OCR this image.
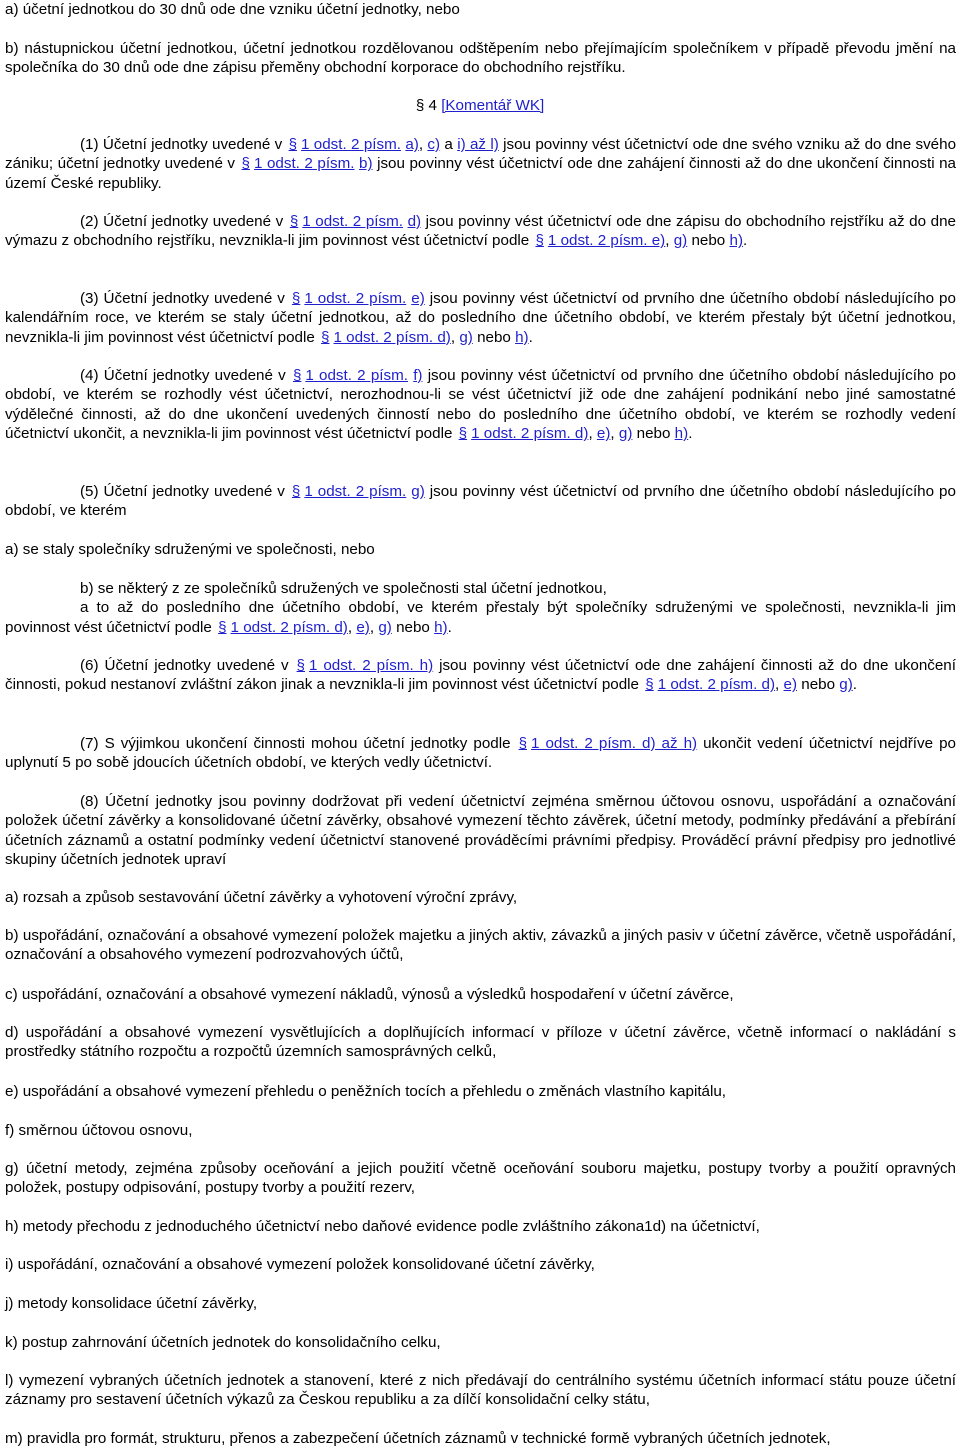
a) účetní jednotkou do 30 dnů ode dne vzniku účetní jednotky, nebo

b) nástupnickou účetní jednotkou, účetní jednotkou rozdělovanou odštěpením nebo přejímajícím společníkem v případě převodu jmění na společníka do 30 dnů ode dne zápisu přeměny obchodní korporace do obchodního rejstříku.

§ 4 [Komentář WK]

(1) Účetní jednotky uvedené v § 1 odst. 2 písm. a), c) a i) až l) jsou povinny vést účetnictví ode dne svého vzniku až do dne svého zániku; účetní jednotky uvedené v § 1 odst. 2 písm. b) jsou povinny vést účetnictví ode dne zahájení činnosti až do dne ukončení činnosti na území České republiky.

(2) Účetní jednotky uvedené v § 1 odst. 2 písm. d) jsou povinny vést účetnictví ode dne zápisu do obchodního rejstříku až do dne výmazu z obchodního rejstříku, nevznikla-li jim povinnost vést účetnictví podle § 1 odst. 2 písm. e), g) nebo h).

(3) Účetní jednotky uvedené v § 1 odst. 2 písm. e) jsou povinny vést účetnictví od prvního dne účetního období následujícího po kalendářním roce, ve kterém se staly účetní jednotkou, až do posledního dne účetního období, ve kterém přestaly být účetní jednotkou, nevznikla-li jim povinnost vést účetnictví podle § 1 odst. 2 písm. d), g) nebo h).

(4) Účetní jednotky uvedené v § 1 odst. 2 písm. f) jsou povinny vést účetnictví od prvního dne účetního období následujícího po období, ve kterém se rozhodly vést účetnictví, nerozhodnou-li se vést účetnictví již ode dne zahájení podnikání nebo jiné samostatné výdělečné činnosti, až do dne ukončení uvedených činností nebo do posledního dne účetního období, ve kterém se rozhodly vedení účetnictví ukončit, a nevznikla-li jim povinnost vést účetnictví podle § 1 odst. 2 písm. d), e), g) nebo h).

(5) Účetní jednotky uvedené v § 1 odst. 2 písm. g) jsou povinny vést účetnictví od prvního dne účetního období následujícího po období, ve kterém

a) se staly společníky sdruženými ve společnosti, nebo

b) se některý z ze společníků sdružených ve společnosti stal účetní jednotkou,
a to až do posledního dne účetního období, ve kterém přestaly být společníky sdruženými ve společnosti, nevznikla-li jim povinnost vést účetnictví podle § 1 odst. 2 písm. d), e), g) nebo h).

(6) Účetní jednotky uvedené v § 1 odst. 2 písm. h) jsou povinny vést účetnictví ode dne zahájení činnosti až do dne ukončení činnosti, pokud nestanoví zvláštní zákon jinak a nevznikla-li jim povinnost vést účetnictví podle § 1 odst. 2 písm. d), e) nebo g).

(7) S výjimkou ukončení činnosti mohou účetní jednotky podle § 1 odst. 2 písm. d) až h) ukončit vedení účetnictví nejdříve po uplynutí 5 po sobě jdoucích účetních období, ve kterých vedly účetnictví.

(8) Účetní jednotky jsou povinny dodržovat při vedení účetnictví zejména směrnou účtovou osnovu, uspořádání a označování položek účetní závěrky a konsolidované účetní závěrky, obsahové vymezení těchto závěrek, účetní metody, podmínky předávání a přebírání účetních záznamů a ostatní podmínky vedení účetnictví stanovené prováděcími právními předpisy. Prováděcí právní předpisy pro jednotlivé skupiny účetních jednotek upraví

a) rozsah a způsob sestavování účetní závěrky a vyhotovení výroční zprávy,

b) uspořádání, označování a obsahové vymezení položek majetku a jiných aktiv, závazků a jiných pasiv v účetní závěrce, včetně uspořádání, označování a obsahového vymezení podrozvahových účtů,

c) uspořádání, označování a obsahové vymezení nákladů, výnosů a výsledků hospodaření v účetní závěrce,

d) uspořádání a obsahové vymezení vysvětlujících a doplňujících informací v příloze v účetní závěrce, včetně informací o nakládání s prostředky státního rozpočtu a rozpočtů územních samosprávných celků,

e) uspořádání a obsahové vymezení přehledu o peněžních tocích a přehledu o změnách vlastního kapitálu,

f) směrnou účtovou osnovu,

g) účetní metody, zejména způsoby oceňování a jejich použití včetně oceňování souboru majetku, postupy tvorby a použití opravných položek, postupy odpisování, postupy tvorby a použití rezerv,

h) metody přechodu z jednoduchého účetnictví nebo daňové evidence podle zvláštního zákona1d) na účetnictví,

i) uspořádání, označování a obsahové vymezení položek konsolidované účetní závěrky,

j) metody konsolidace účetní závěrky,

k) postup zahrnování účetních jednotek do konsolidačního celku,

l) vymezení vybraných účetních jednotek a stanovení, které z nich předávají do centrálního systému účetních informací státu pouze účetní záznamy pro sestavení účetních výkazů za Českou republiku a za dílčí konsolidační celky státu,

m) pravidla pro formát, strukturu, přenos a zabezpečení účetních záznamů v technické formě vybraných účetních jednotek,
